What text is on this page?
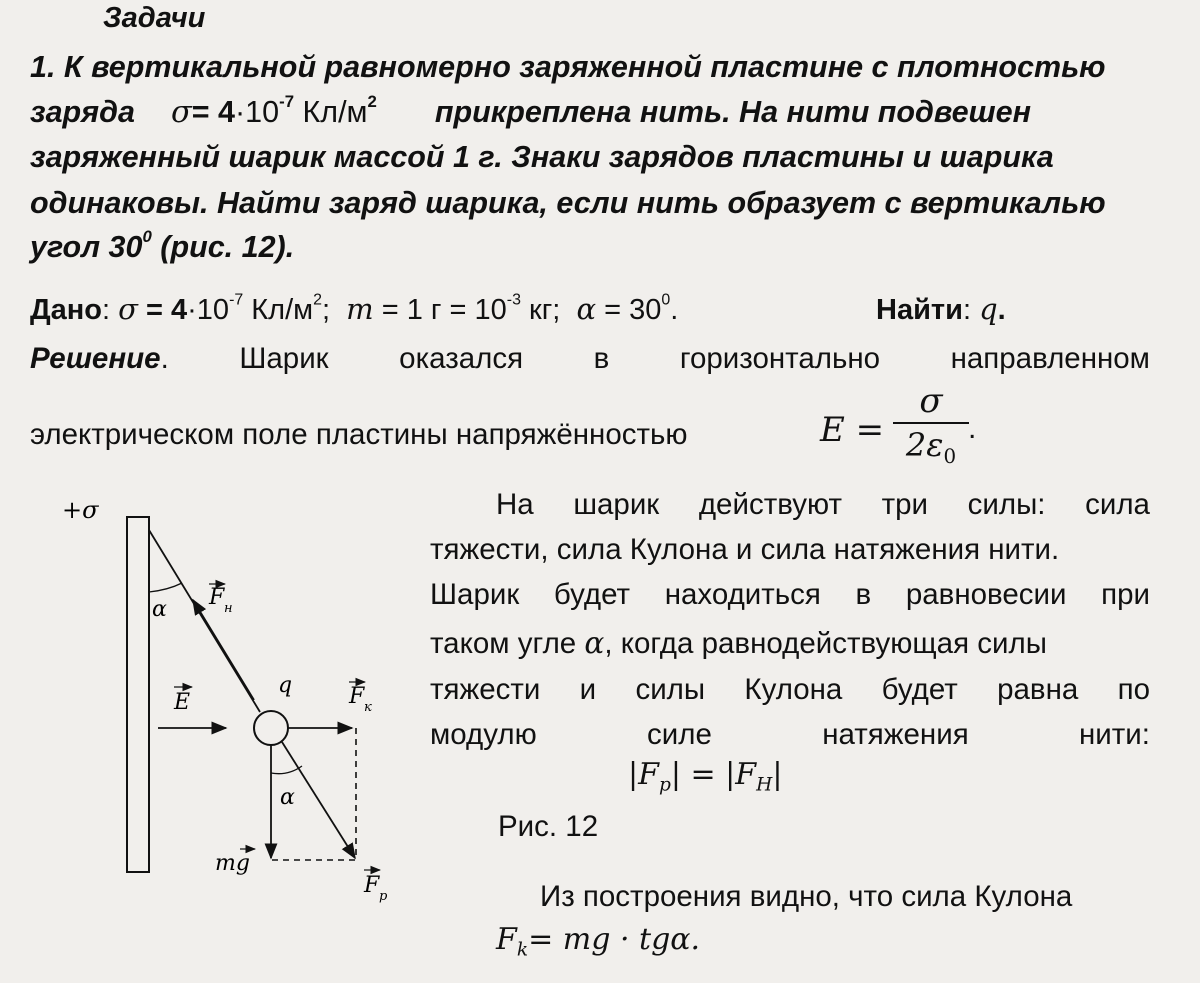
Задачи
1. К вертикальной равномерно заряженной пластине с плотностью
заряда $\sigma= 4\cdot 10^{-7}$ $Кл/м^2$ прикреплена нить. На нити подвешен
заряженный шарик массой 1 г. Знаки зарядов пластины и шарика
одинаковы. Найти заряд шарика, если нить образует с вертикалью
угол $30^0$ (рис. 12).
Дано: $\sigma = 4\cdot 10^{-7}$ $Кл/м^2$; m = 1 $г = 10^{-3}$ кг; $\alpha = 30^0$.	Найти: q.
Решение. Шарик оказался в горизонтально направленном
электрическом поле пластины напряжённостью	$E = \frac{\sigma}{2\varepsilon_0}$ .
На шарик действуют три силы: сила
тяжести, сила Кулона и сила натяжения нити.
Шарик будет находиться в равновесии при
таком угле α, когда равнодействующая силы
тяжести и силы Кулона будет равна по
модулю	силе	натяжения	нити:
$|F_p| = |F_H|$
Рис. 12
Из построения видно, что сила Кулона
$F_k=$ mg · tgα.
+σ
α F н
E
q	F к
α
mg
F р
